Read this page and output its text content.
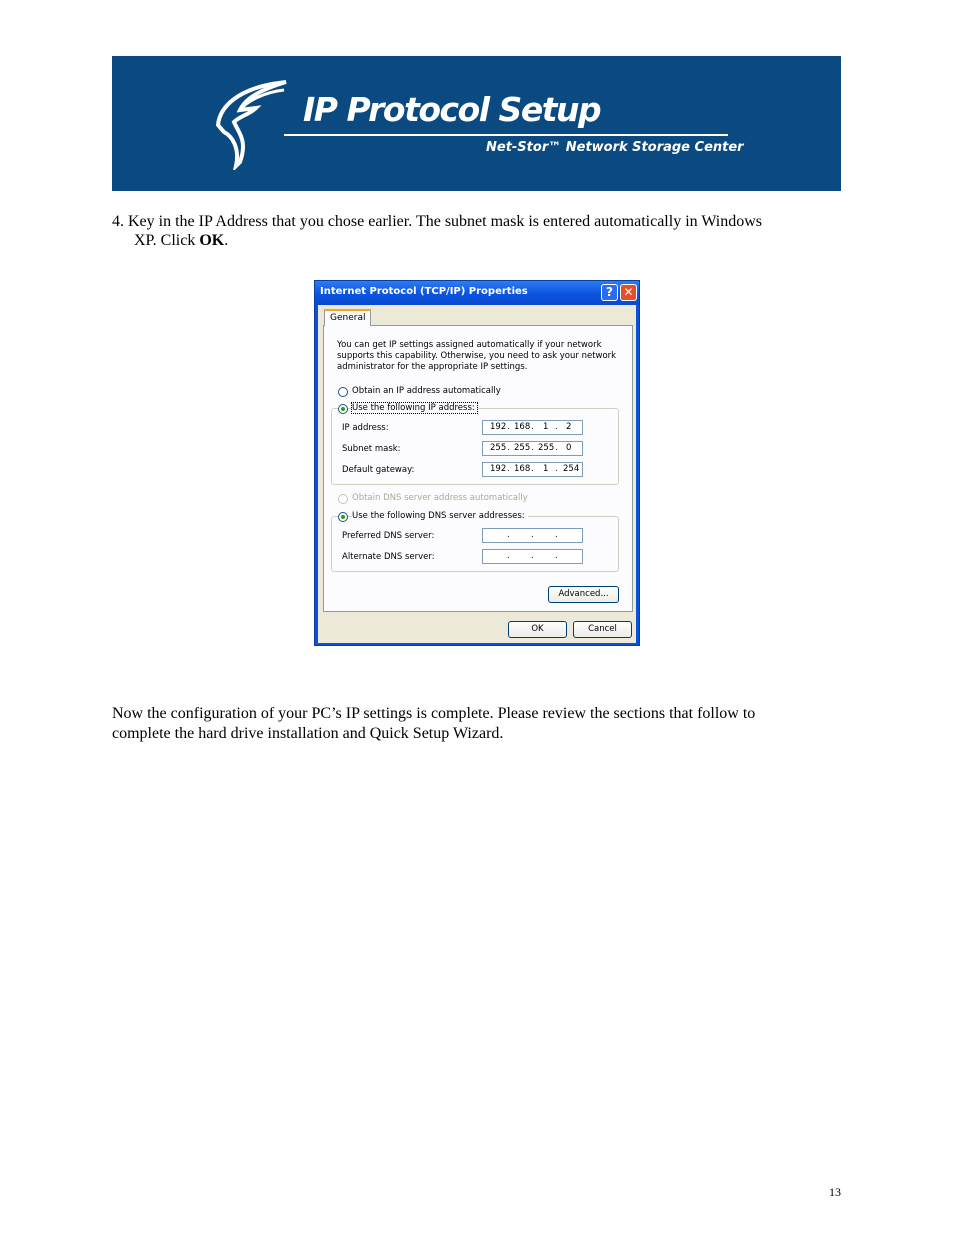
IP Protocol Setup
Net-Stor™ Network Storage Center
4. Key in the IP Address that you chose earlier. The subnet mask is entered automatically in Windows
XP. Click OK.
Internet Protocol (TCP/IP) Properties	? ✕
General
You can get IP settings assigned automatically if your network supports this capability. Otherwise, you need to ask your network administrator for the appropriate IP settings.
Obtain an IP address automatically
Use the following IP address:
IP address:	192 . 168 . 1 . 2
Subnet mask:	255 . 255 . 255 . 0
Default gateway:	192 . 168 . 1 . 254
Obtain DNS server address automatically
Use the following DNS server addresses:
Preferred DNS server:	.	.	.
Alternate DNS server:	.	.	.
Advanced...
OK	Cancel
Now the configuration of your PC’s IP settings is complete. Please review the sections that follow to
complete the hard drive installation and Quick Setup Wizard.
13
